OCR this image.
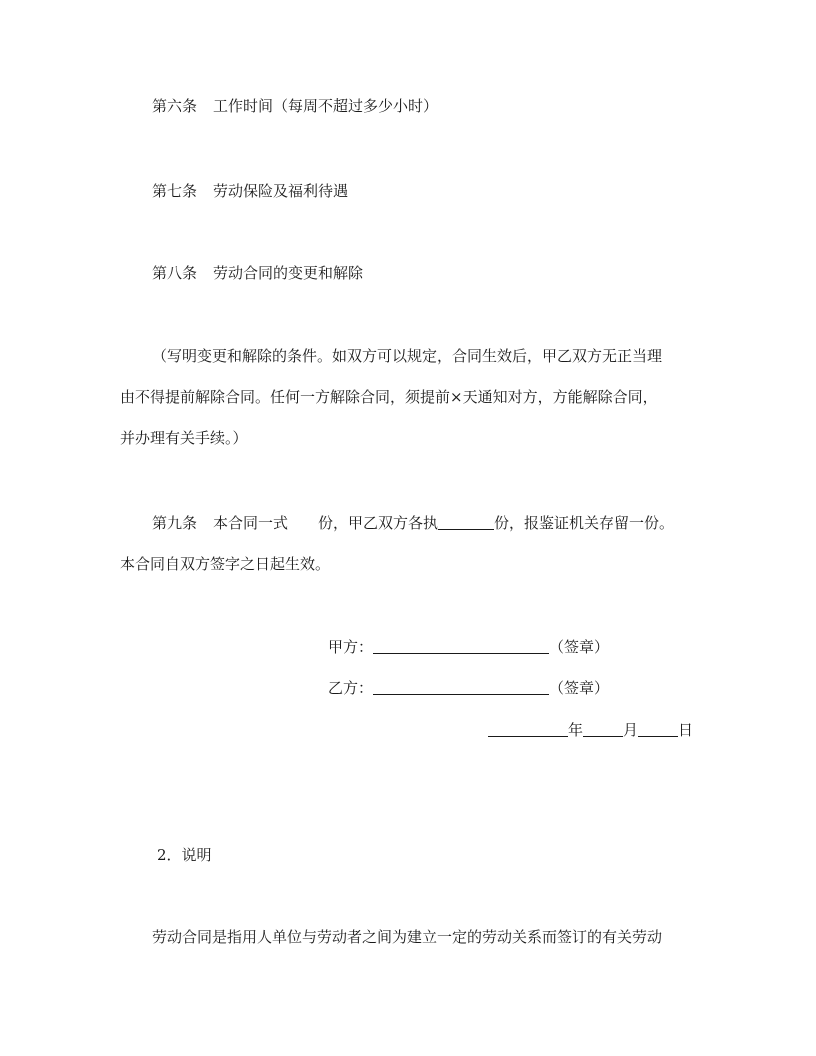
第六条 工作时间（每周不超过多少小时）
第七条 劳动保险及福利待遇
第八条 劳动合同的变更和解除
（写明变更和解除的条件。如双方可以规定，合同生效后，甲乙双方无正当理
由不得提前解除合同。任何一方解除合同，须提前×天通知对方，方能解除合同，
并办理有关手续。）
第九条 本合同一式 份，甲乙双方各执	份，报鉴证机关存留一份。
本合同自双方签字之日起生效。
甲方：	（签章）
乙方：	（签章）
年	月	日
2．说明
劳动合同是指用人单位与劳动者之间为建立一定的劳动关系而签订的有关劳动
